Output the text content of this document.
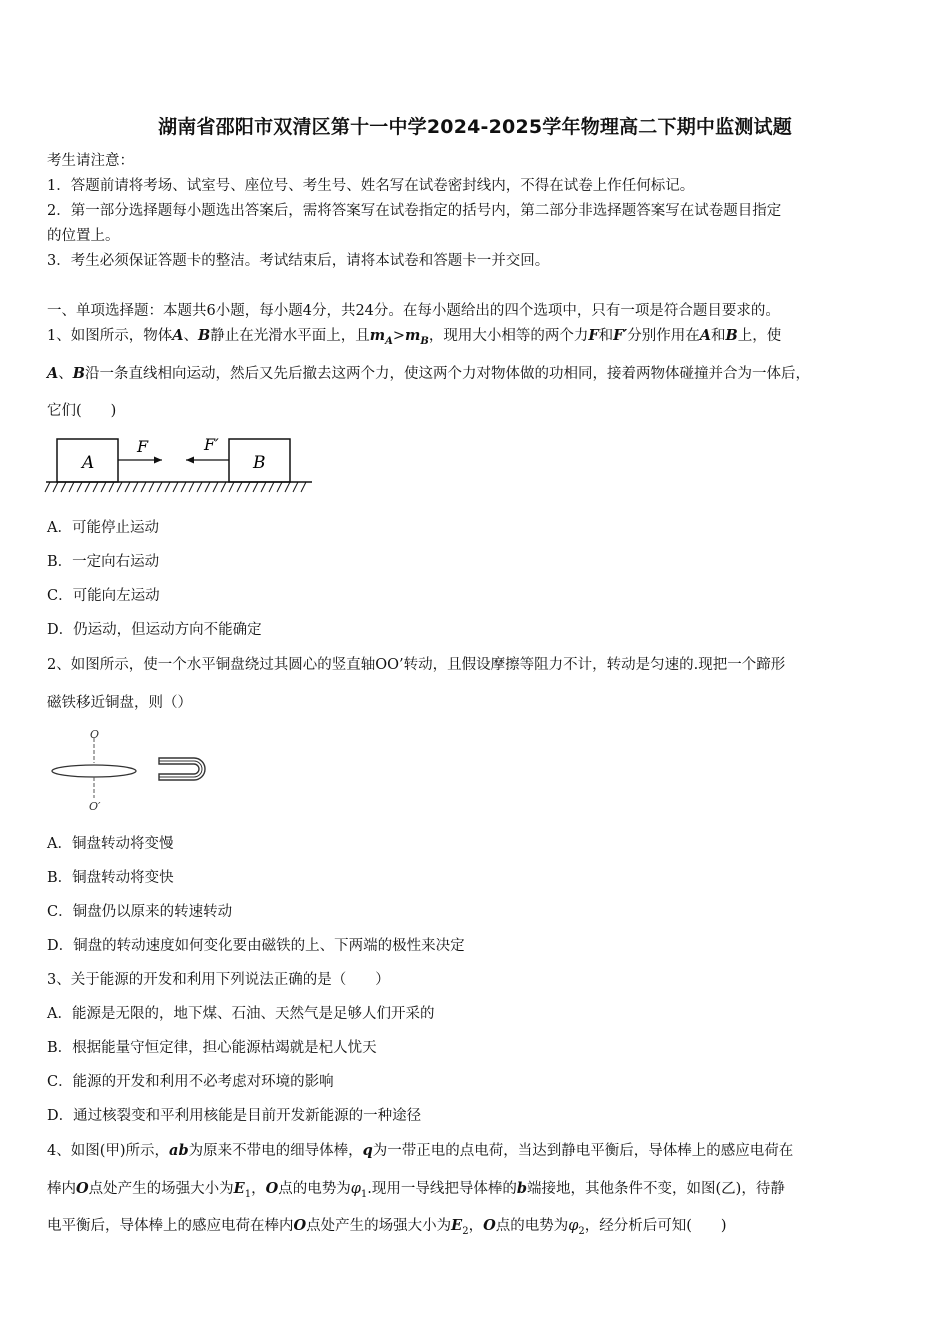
湖南省邵阳市双清区第十一中学2024-2025学年物理高二下期中监测试题
考生请注意：
1．答题前请将考场、试室号、座位号、考生号、姓名写在试卷密封线内，不得在试卷上作任何标记。
2．第一部分选择题每小题选出答案后，需将答案写在试卷指定的括号内，第二部分非选择题答案写在试卷题目指定
的位置上。
3．考生必须保证答题卡的整洁。考试结束后，请将本试卷和答题卡一并交回。
一、单项选择题：本题共6小题，每小题4分，共24分。在每小题给出的四个选项中，只有一项是符合题目要求的。
1、如图所示，物体A、B静止在光滑水平面上，且$m_A>m_B$，现用大小相等的两个力F和F′分别作用在A和B上，使
A、B沿一条直线相向运动，然后又先后撤去这两个力，使这两个力对物体做的功相同，接着两物体碰撞并合为一体后，
它们(　　)
A	B
F	F′
A．可能停止运动
B．一定向右运动
C．可能向左运动
D．仍运动，但运动方向不能确定
2、如图所示，使一个水平铜盘绕过其圆心的竖直轴OO’转动，且假设摩擦等阻力不计，转动是匀速的.现把一个蹄形
磁铁移近铜盘，则（）
O
O′
A．铜盘转动将变慢
B．铜盘转动将变快
C．铜盘仍以原来的转速转动
D．铜盘的转动速度如何变化要由磁铁的上、下两端的极性来决定
3、关于能源的开发和利用下列说法正确的是（　　）
A．能源是无限的，地下煤、石油、天然气是足够人们开采的
B．根据能量守恒定律，担心能源枯竭就是杞人忧天
C．能源的开发和利用不必考虑对环境的影响
D．通过核裂变和平利用核能是目前开发新能源的一种途径
4、如图(甲)所示，ab为原来不带电的细导体棒，q为一带正电的点电荷，当达到静电平衡后，导体棒上的感应电荷在
棒内O点处产生的场强大小为$E_1$，O点的电势为$\varphi_1$.现用一导线把导体棒的b端接地，其他条件不变，如图(乙)，待静
电平衡后，导体棒上的感应电荷在棒内O点处产生的场强大小为$E_2$，O点的电势为$\varphi_2$，经分析后可知(　　)
